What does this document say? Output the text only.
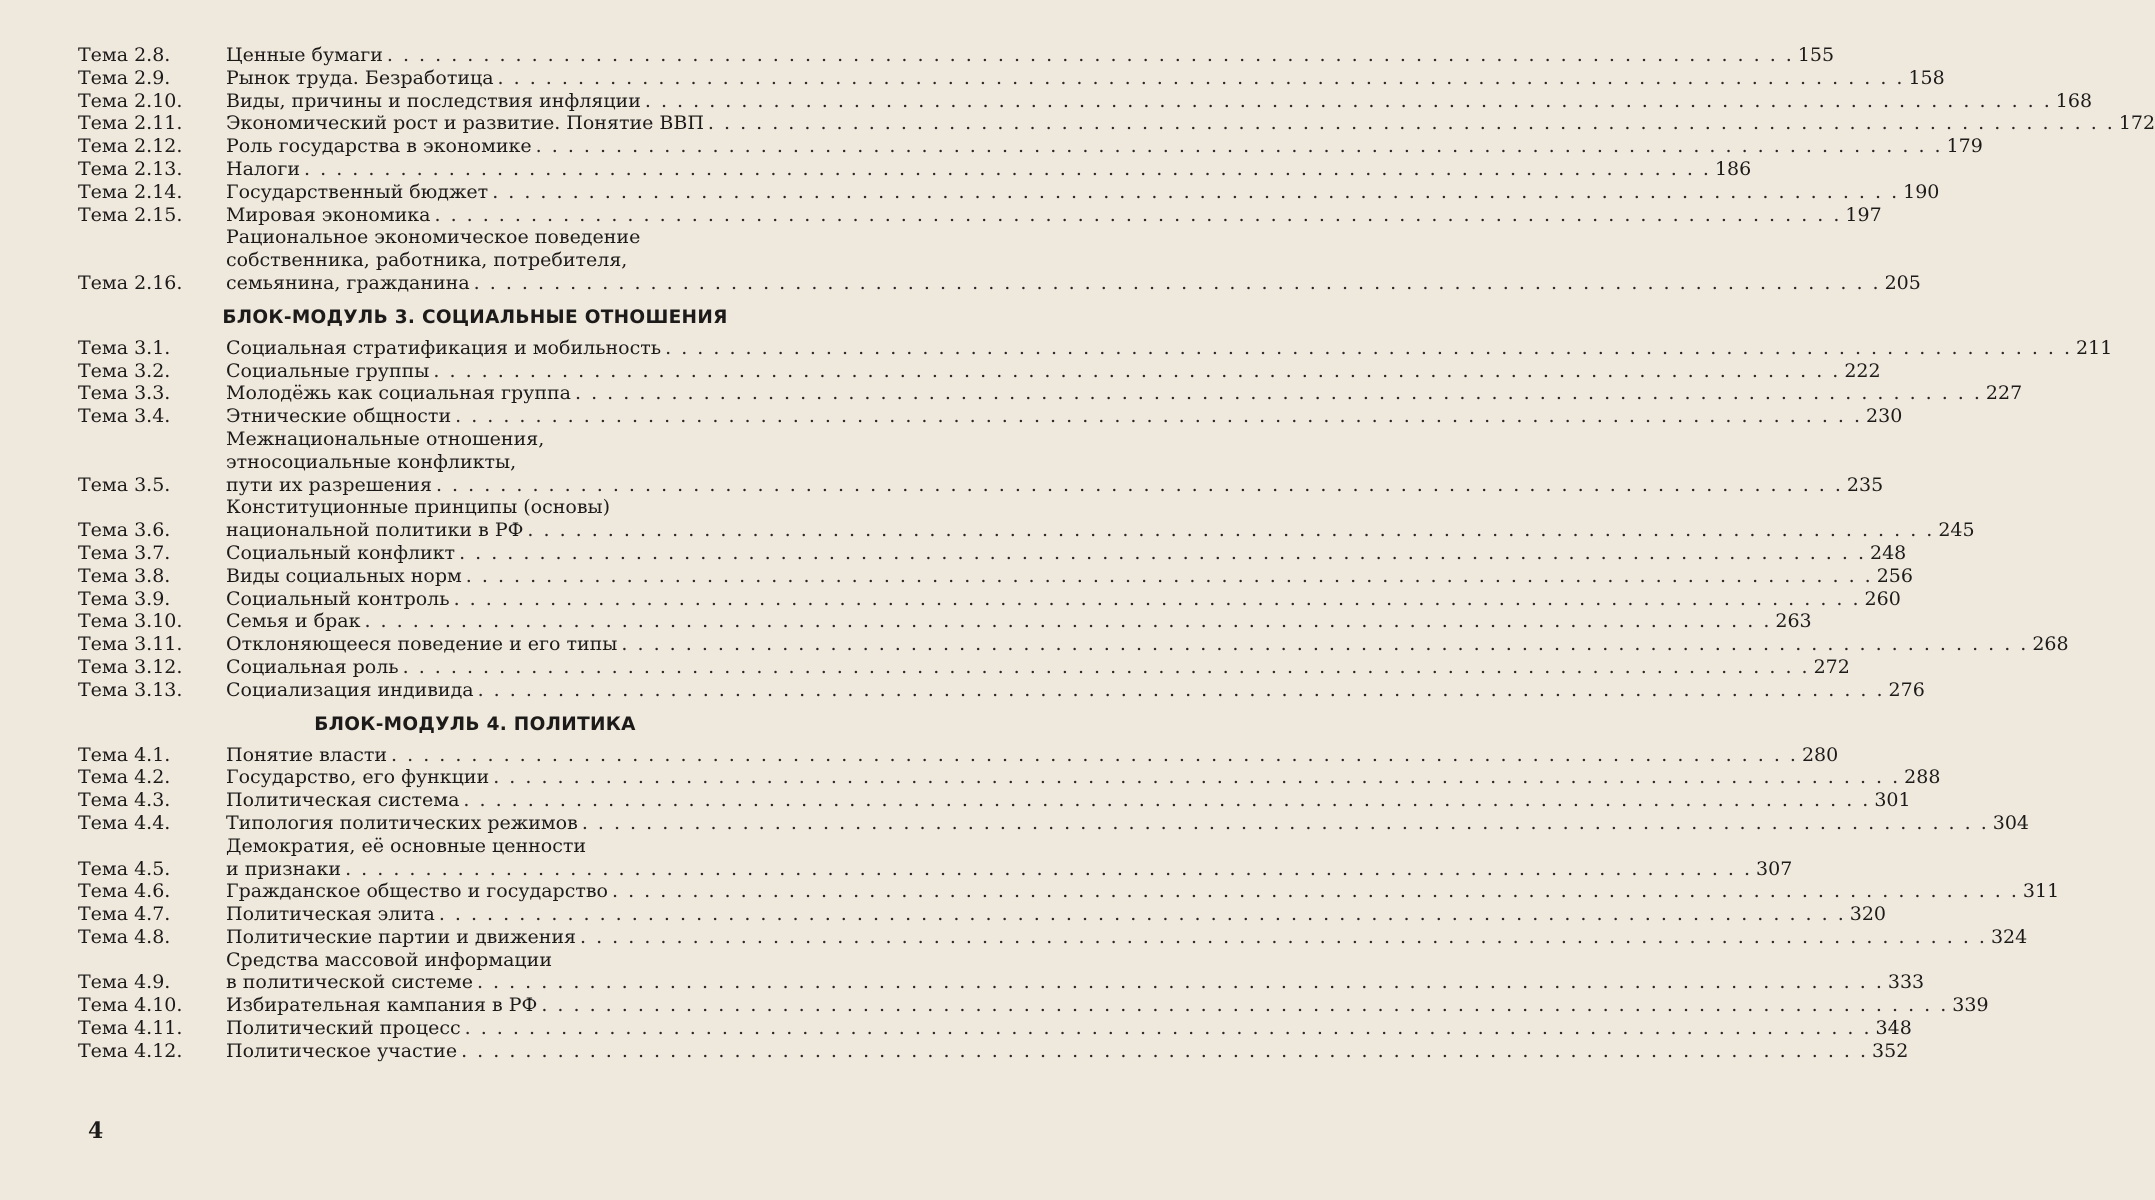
Тема 2.8.	Ценные бумаги . . .	155
Тема 2.9.	Рынок труда. Безработица . . .	158
Тема 2.10.	Виды, причины и последствия инфляции . . .	168
Тема 2.11.	Экономический рост и развитие. Понятие ВВП . . .	172
Тема 2.12.	Роль государства в экономике . . .	179
Тема 2.13.	Налоги . . .	186
Тема 2.14.	Государственный бюджет . . .	190
Тема 2.15.	Мировая экономика . . .	197
Тема 2.16.
Рациональное экономическое поведение
собственника, работника, потребителя,
семьянина, гражданина . . .	205
БЛОК-МОДУЛЬ 3. СОЦИАЛЬНЫЕ ОТНОШЕНИЯ
Тема 3.1.	Социальная стратификация и мобильность . . .	211
Тема 3.2.	Социальные группы . . .	222
Тема 3.3.	Молодёжь как социальная группа . . .	227
Тема 3.4.	Этнические общности . . .	230
Тема 3.5.
Межнациональные отношения,
этносоциальные конфликты,
пути их разрешения . . .	235
Тема 3.6.
Конституционные принципы (основы)
национальной политики в РФ . . .	245
Тема 3.7.	Социальный конфликт . . .	248
Тема 3.8.	Виды социальных норм . . .	256
Тема 3.9.	Социальный контроль . . .	260
Тема 3.10.	Семья и брак . . .	263
Тема 3.11.	Отклоняющееся поведение и его типы . . .	268
Тема 3.12.	Социальная роль . . .	272
Тема 3.13.	Социализация индивида . . .	276
БЛОК-МОДУЛЬ 4. ПОЛИТИКА
Тема 4.1.	Понятие власти . . .	280
Тема 4.2.	Государство, его функции . . .	288
Тема 4.3.	Политическая система . . .	301
Тема 4.4.	Типология политических режимов . . .	304
Тема 4.5.
Демократия, её основные ценности
и признаки . . .	307
Тема 4.6.	Гражданское общество и государство . . .	311
Тема 4.7.	Политическая элита . . .	320
Тема 4.8.	Политические партии и движения . . .	324
Тема 4.9.
Средства массовой информации
в политической системе . . .	333
Тема 4.10.	Избирательная кампания в РФ . . .	339
Тема 4.11.	Политический процесс . . .	348
Тема 4.12.	Политическое участие . . .	352
4
